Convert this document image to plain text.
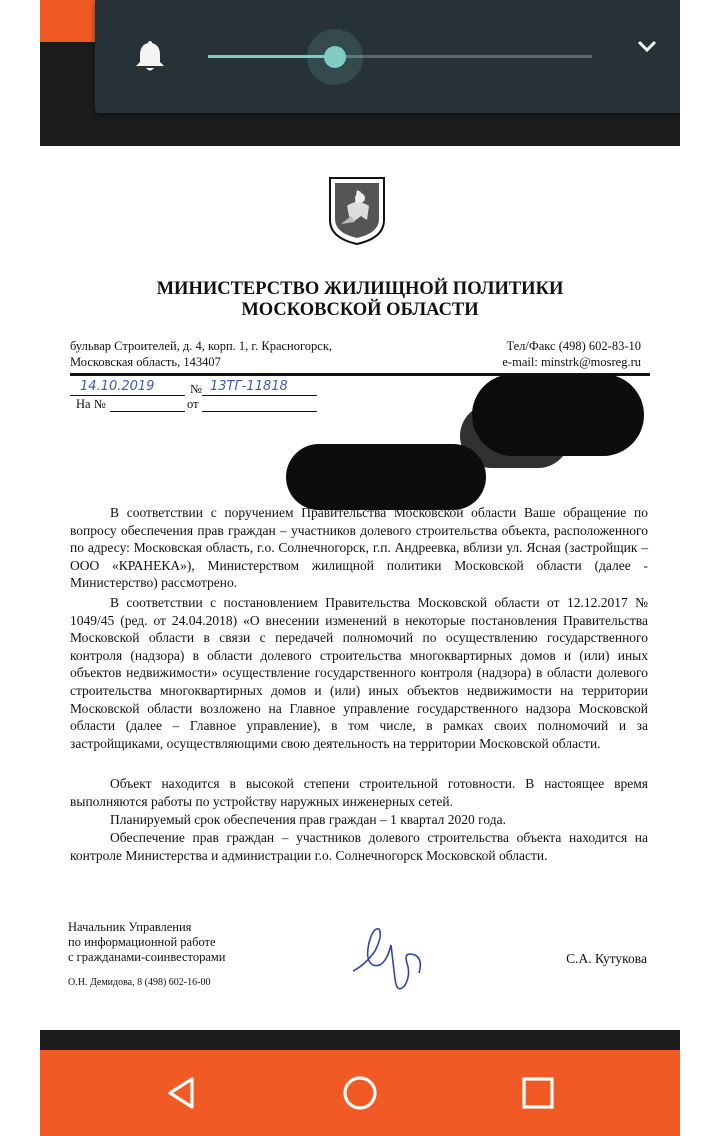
МИНИСТЕРСТВО ЖИЛИЩНОЙ ПОЛИТИКИ
МОСКОВСКОЙ ОБЛАСТИ
бульвар Строителей, д. 4, корп. 1, г. Красногорск,
Московская область, 143407
Тел/Факс (498) 602-83-10
e-mail: minstrk@mosreg.ru
14.10.2019	№ 13ТГ-11818
На №	от
В соответствии с поручением Правительства Московской области Ваше обращение по вопросу обеспечения прав граждан – участников долевого строительства объекта, расположенного по адресу: Московская область, г.о. Солнечногорск, г.п. Андреевка, вблизи ул. Ясная (застройщик – ООО «КРАНЕКА»), Министерством жилищной политики Московской области (далее - Министерство) рассмотрено.
В соответствии с постановлением Правительства Московской области от 12.12.2017 № 1049/45 (ред. от 24.04.2018) «О внесении изменений в некоторые постановления Правительства Московской области в связи с передачей полномочий по осуществлению государственного контроля (надзора) в области долевого строительства многоквартирных домов и (или) иных объектов недвижимости» осуществление государственного контроля (надзора) в области долевого строительства многоквартирных домов и (или) иных объектов недвижимости на территории Московской области возложено на Главное управление государственного надзора Московской области (далее – Главное управление), в том числе, в рамках своих полномочий и за застройщиками, осуществляющими свою деятельность на территории Московской области.
Объект находится в высокой степени строительной готовности. В настоящее время выполняются работы по устройству наружных инженерных сетей.
Планируемый срок обеспечения прав граждан – 1 квартал 2020 года.
Обеспечение прав граждан – участников долевого строительства объекта находится на контроле Министерства и администрации г.о. Солнечногорск Московской области.
Начальник Управления
по информационной работе
с гражданами-соинвесторами	С.А. Кутукова
О.Н. Демидова, 8 (498) 602-16-00
